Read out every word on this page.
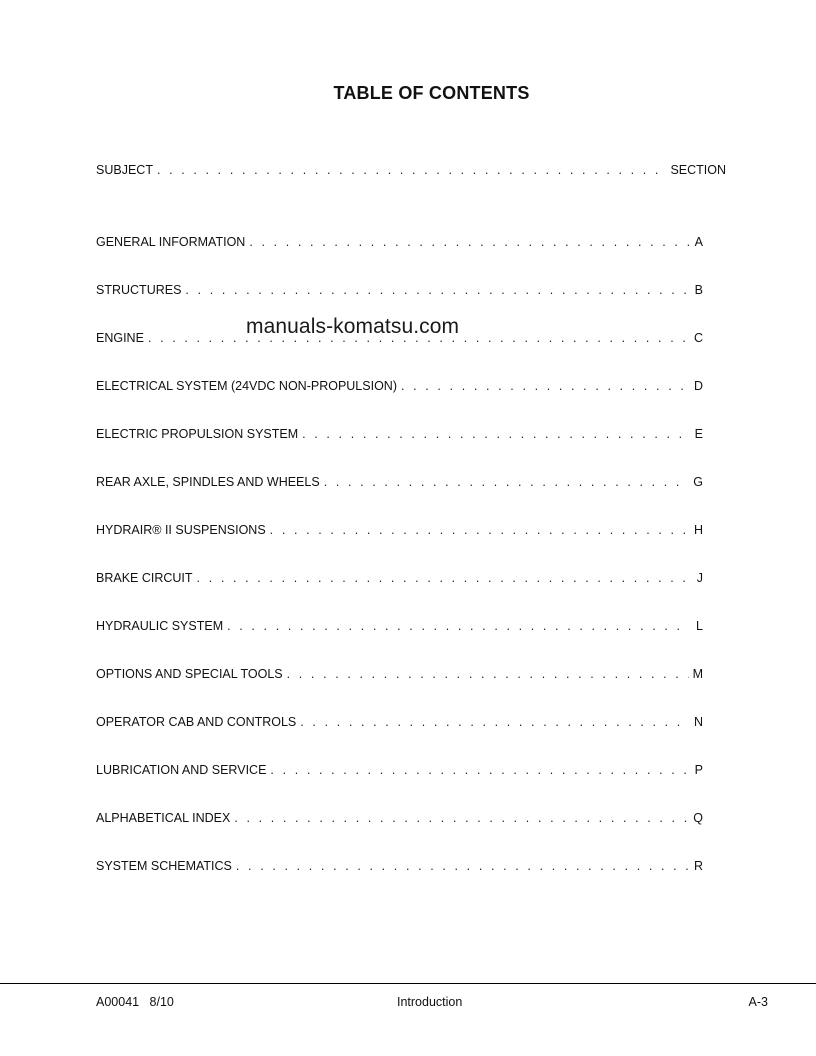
TABLE OF CONTENTS
SUBJECT . . .	SECTION
GENERAL INFORMATION . . .	A
STRUCTURES . . .	B
ENGINE . . .	C
ELECTRICAL SYSTEM (24VDC NON-PROPULSION) . . .	D
ELECTRIC PROPULSION SYSTEM . . .	E
REAR AXLE, SPINDLES AND WHEELS . . .	G
HYDRAIR® II SUSPENSIONS . . .	H
BRAKE CIRCUIT . . .	J
HYDRAULIC SYSTEM . . .	L
OPTIONS AND SPECIAL TOOLS . . .	M
OPERATOR CAB AND CONTROLS . . .	N
LUBRICATION AND SERVICE . . .	P
ALPHABETICAL INDEX . . .	Q
SYSTEM SCHEMATICS . . .	R
manuals-komatsu.com
A00041   8/10	Introduction	A-3
